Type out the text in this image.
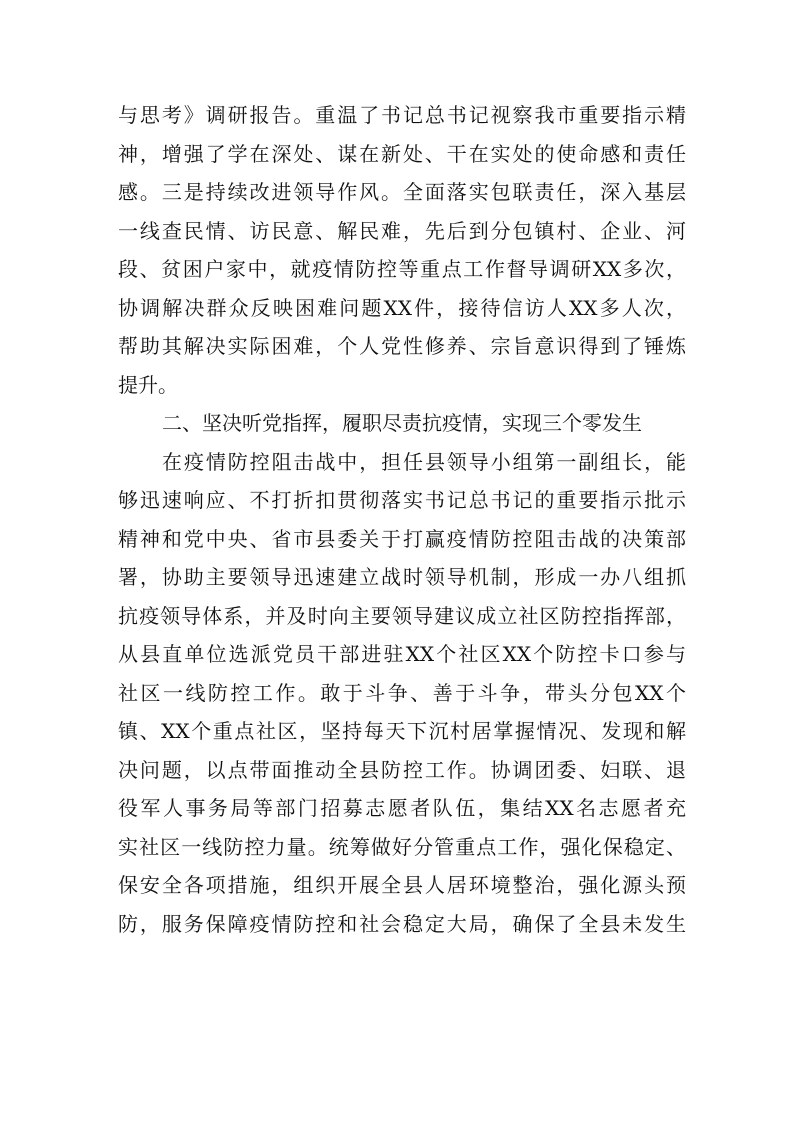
与思考》调研报告。重温了书记总书记视察我市重要指示精
神，增强了学在深处、谋在新处、干在实处的使命感和责任
感。三是持续改进领导作风。全面落实包联责任，深入基层
一线查民情、访民意、解民难，先后到分包镇村、企业、河
段、贫困户家中，就疫情防控等重点工作督导调研XX多次，
协调解决群众反映困难问题XX件，接待信访人XX多人次，
帮助其解决实际困难，个人党性修养、宗旨意识得到了锤炼
提升。
二、坚决听党指挥，履职尽责抗疫情，实现三个零发生
在疫情防控阻击战中，担任县领导小组第一副组长，能
够迅速响应、不打折扣贯彻落实书记总书记的重要指示批示
精神和党中央、省市县委关于打赢疫情防控阻击战的决策部
署，协助主要领导迅速建立战时领导机制，形成一办八组抓
抗疫领导体系，并及时向主要领导建议成立社区防控指挥部，
从县直单位选派党员干部进驻XX个社区XX个防控卡口参与
社区一线防控工作。敢于斗争、善于斗争，带头分包XX个
镇、XX个重点社区，坚持每天下沉村居掌握情况、发现和解
决问题，以点带面推动全县防控工作。协调团委、妇联、退
役军人事务局等部门招募志愿者队伍，集结XX名志愿者充
实社区一线防控力量。统筹做好分管重点工作，强化保稳定、
保安全各项措施，组织开展全县人居环境整治，强化源头预
防，服务保障疫情防控和社会稳定大局，确保了全县未发生
